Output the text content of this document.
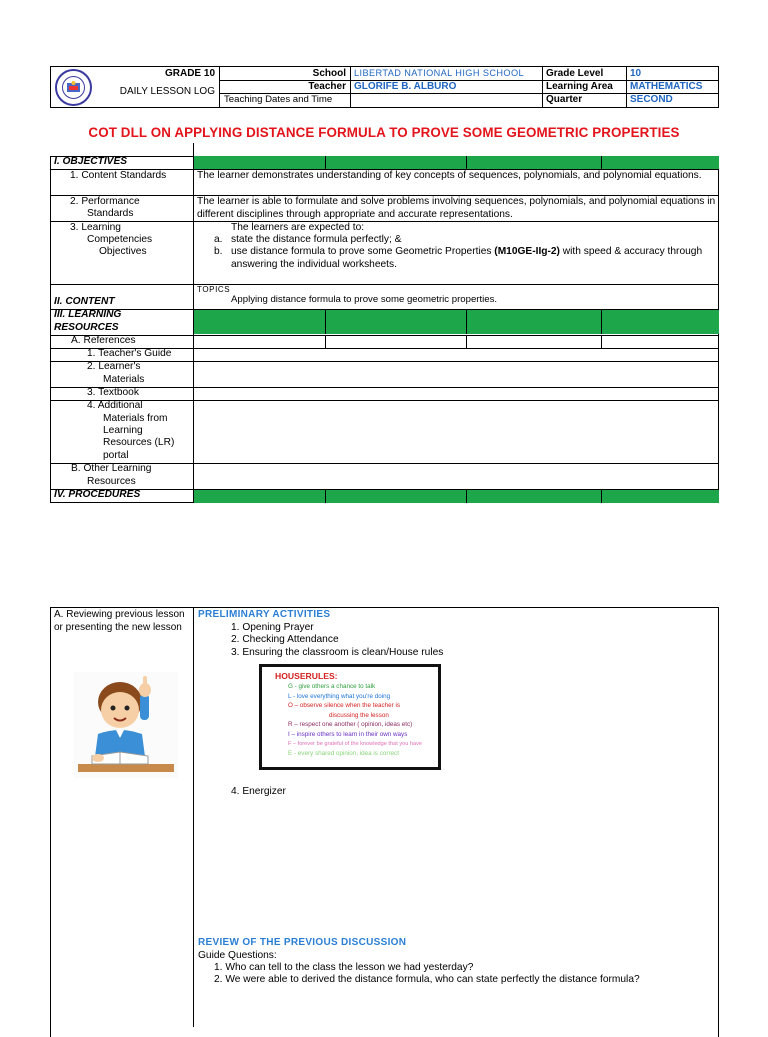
GRADE 10
DAILY LESSON LOG
School
Teacher
Teaching Dates and Time
LIBERTAD NATIONAL HIGH SCHOOL
GLORIFE B. ALBURO
Grade Level
Learning Area
Quarter
10
MATHEMATICS
SECOND
COT DLL ON APPLYING DISTANCE FORMULA TO PROVE SOME GEOMETRIC PROPERTIES
I. OBJECTIVES
1. Content Standards	The learner demonstrates understanding of key concepts of sequences, polynomials, and polynomial equations.
2. Performance
Standards
The learner is able to formulate and solve problems involving sequences, polynomials, and polynomial equations in different disciplines through appropriate and accurate representations.
3. Learning
Competencies
Objectives
The learners are expected to:
a. state the distance formula perfectly; &
b. use distance formula to prove some Geometric Properties (M10GE-IIg-2) with speed & accuracy through answering the individual worksheets.
TOPICS
Applying distance formula to prove some geometric properties.
II. CONTENT
III. LEARNING
RESOURCES
A. References
1. Teacher's Guide
2. Learner's
Materials
3. Textbook
4. Additional
Materials from
Learning
Resources (LR)
portal
B. Other Learning
Resources
IV. PROCEDURES
A. Reviewing previous lesson or presenting the new lesson
PRELIMINARY ACTIVITIES
1. Opening Prayer
2. Checking Attendance
3. Ensuring the classroom is clean/House rules
HOUSERULES:
G - give others a chance to talk
L - love everything what you're doing
O – observe silence when the teacher is
discussing the lesson
R – respect one another ( opinion, ideas etc)
I – inspire others to learn in their own ways
F – forever be grateful of the knowledge that you have
E - every shared opinion, idea is correct
4. Energizer
REVIEW OF THE PREVIOUS DISCUSSION
Guide Questions:
1. Who can tell to the class the lesson we had yesterday?
2. We were able to derived the distance formula, who can state perfectly the distance formula?
